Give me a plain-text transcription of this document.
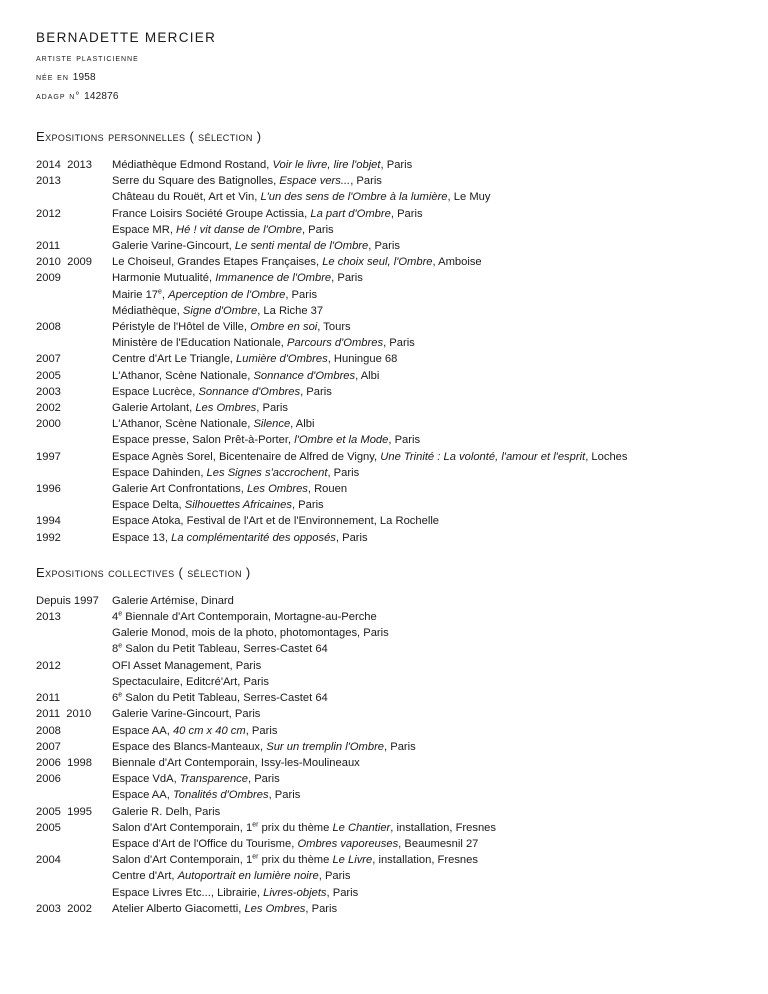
BERNADETTE MERCIER
artiste plasticienne
née en 1958
adagp n° 142876
Expositions personnelles ( sélection )
2014  2013	Médiathèque Edmond Rostand, Voir le livre, lire l'objet, Paris
2013	Serre du Square des Batignolles, Espace vers..., Paris
Château du Rouët, Art et Vin, L'un des sens de l'Ombre à la lumière, Le Muy
2012	France Loisirs Société Groupe Actissia, La part d'Ombre, Paris
Espace MR, Hé ! vit danse de l'Ombre, Paris
2011	Galerie Varine-Gincourt, Le senti mental de l'Ombre, Paris
2010  2009	Le Choiseul, Grandes Etapes Françaises, Le choix seul, l'Ombre, Amboise
2009	Harmonie Mutualité, Immanence de l'Ombre, Paris
Mairie 17e, Aperception de l'Ombre, Paris
Médiathèque, Signe d'Ombre, La Riche 37
2008	Péristyle de l'Hôtel de Ville, Ombre en soi, Tours
Ministère de l'Education Nationale, Parcours d'Ombres, Paris
2007	Centre d'Art Le Triangle, Lumière d'Ombres, Huningue 68
2005	L'Athanor, Scène Nationale, Sonnance d'Ombres, Albi
2003	Espace Lucrèce, Sonnance d'Ombres, Paris
2002	Galerie Artolant, Les Ombres, Paris
2000	L'Athanor, Scène Nationale, Silence, Albi
Espace presse, Salon Prêt-à-Porter, l'Ombre et la Mode, Paris
1997	Espace Agnès Sorel, Bicentenaire de Alfred de Vigny, Une Trinité : La volonté, l'amour et l'esprit, Loches
Espace Dahinden, Les Signes s'accrochent, Paris
1996	Galerie Art Confrontations, Les Ombres, Rouen
Espace Delta, Silhouettes Africaines, Paris
1994	Espace Atoka, Festival de l'Art et de l'Environnement, La Rochelle
1992	Espace 13, La complémentarité des opposés, Paris
Expositions collectives ( sélection )
Depuis 1997	Galerie Artémise, Dinard
2013	4e Biennale d'Art Contemporain, Mortagne-au-Perche
Galerie Monod, mois de la photo, photomontages, Paris
8e Salon du Petit Tableau, Serres-Castet 64
2012	OFI Asset Management, Paris
Spectaculaire, Editcré'Art, Paris
2011	6e Salon du Petit Tableau, Serres-Castet 64
2011  2010	Galerie Varine-Gincourt, Paris
2008	Espace AA, 40 cm x 40 cm, Paris
2007	Espace des Blancs-Manteaux, Sur un tremplin l'Ombre, Paris
2006  1998	Biennale d'Art Contemporain, Issy-les-Moulineaux
2006	Espace VdA, Transparence, Paris
Espace AA, Tonalités d'Ombres, Paris
2005  1995	Galerie R. Delh, Paris
2005	Salon d'Art Contemporain, 1er prix du thème Le Chantier, installation, Fresnes
Espace d'Art de l'Office du Tourisme, Ombres vaporeuses, Beaumesnil 27
2004	Salon d'Art Contemporain, 1er prix du thème Le Livre, installation, Fresnes
Centre d'Art, Autoportrait en lumière noire, Paris
Espace Livres Etc..., Librairie, Livres-objets, Paris
2003  2002	Atelier Alberto Giacometti, Les Ombres, Paris
